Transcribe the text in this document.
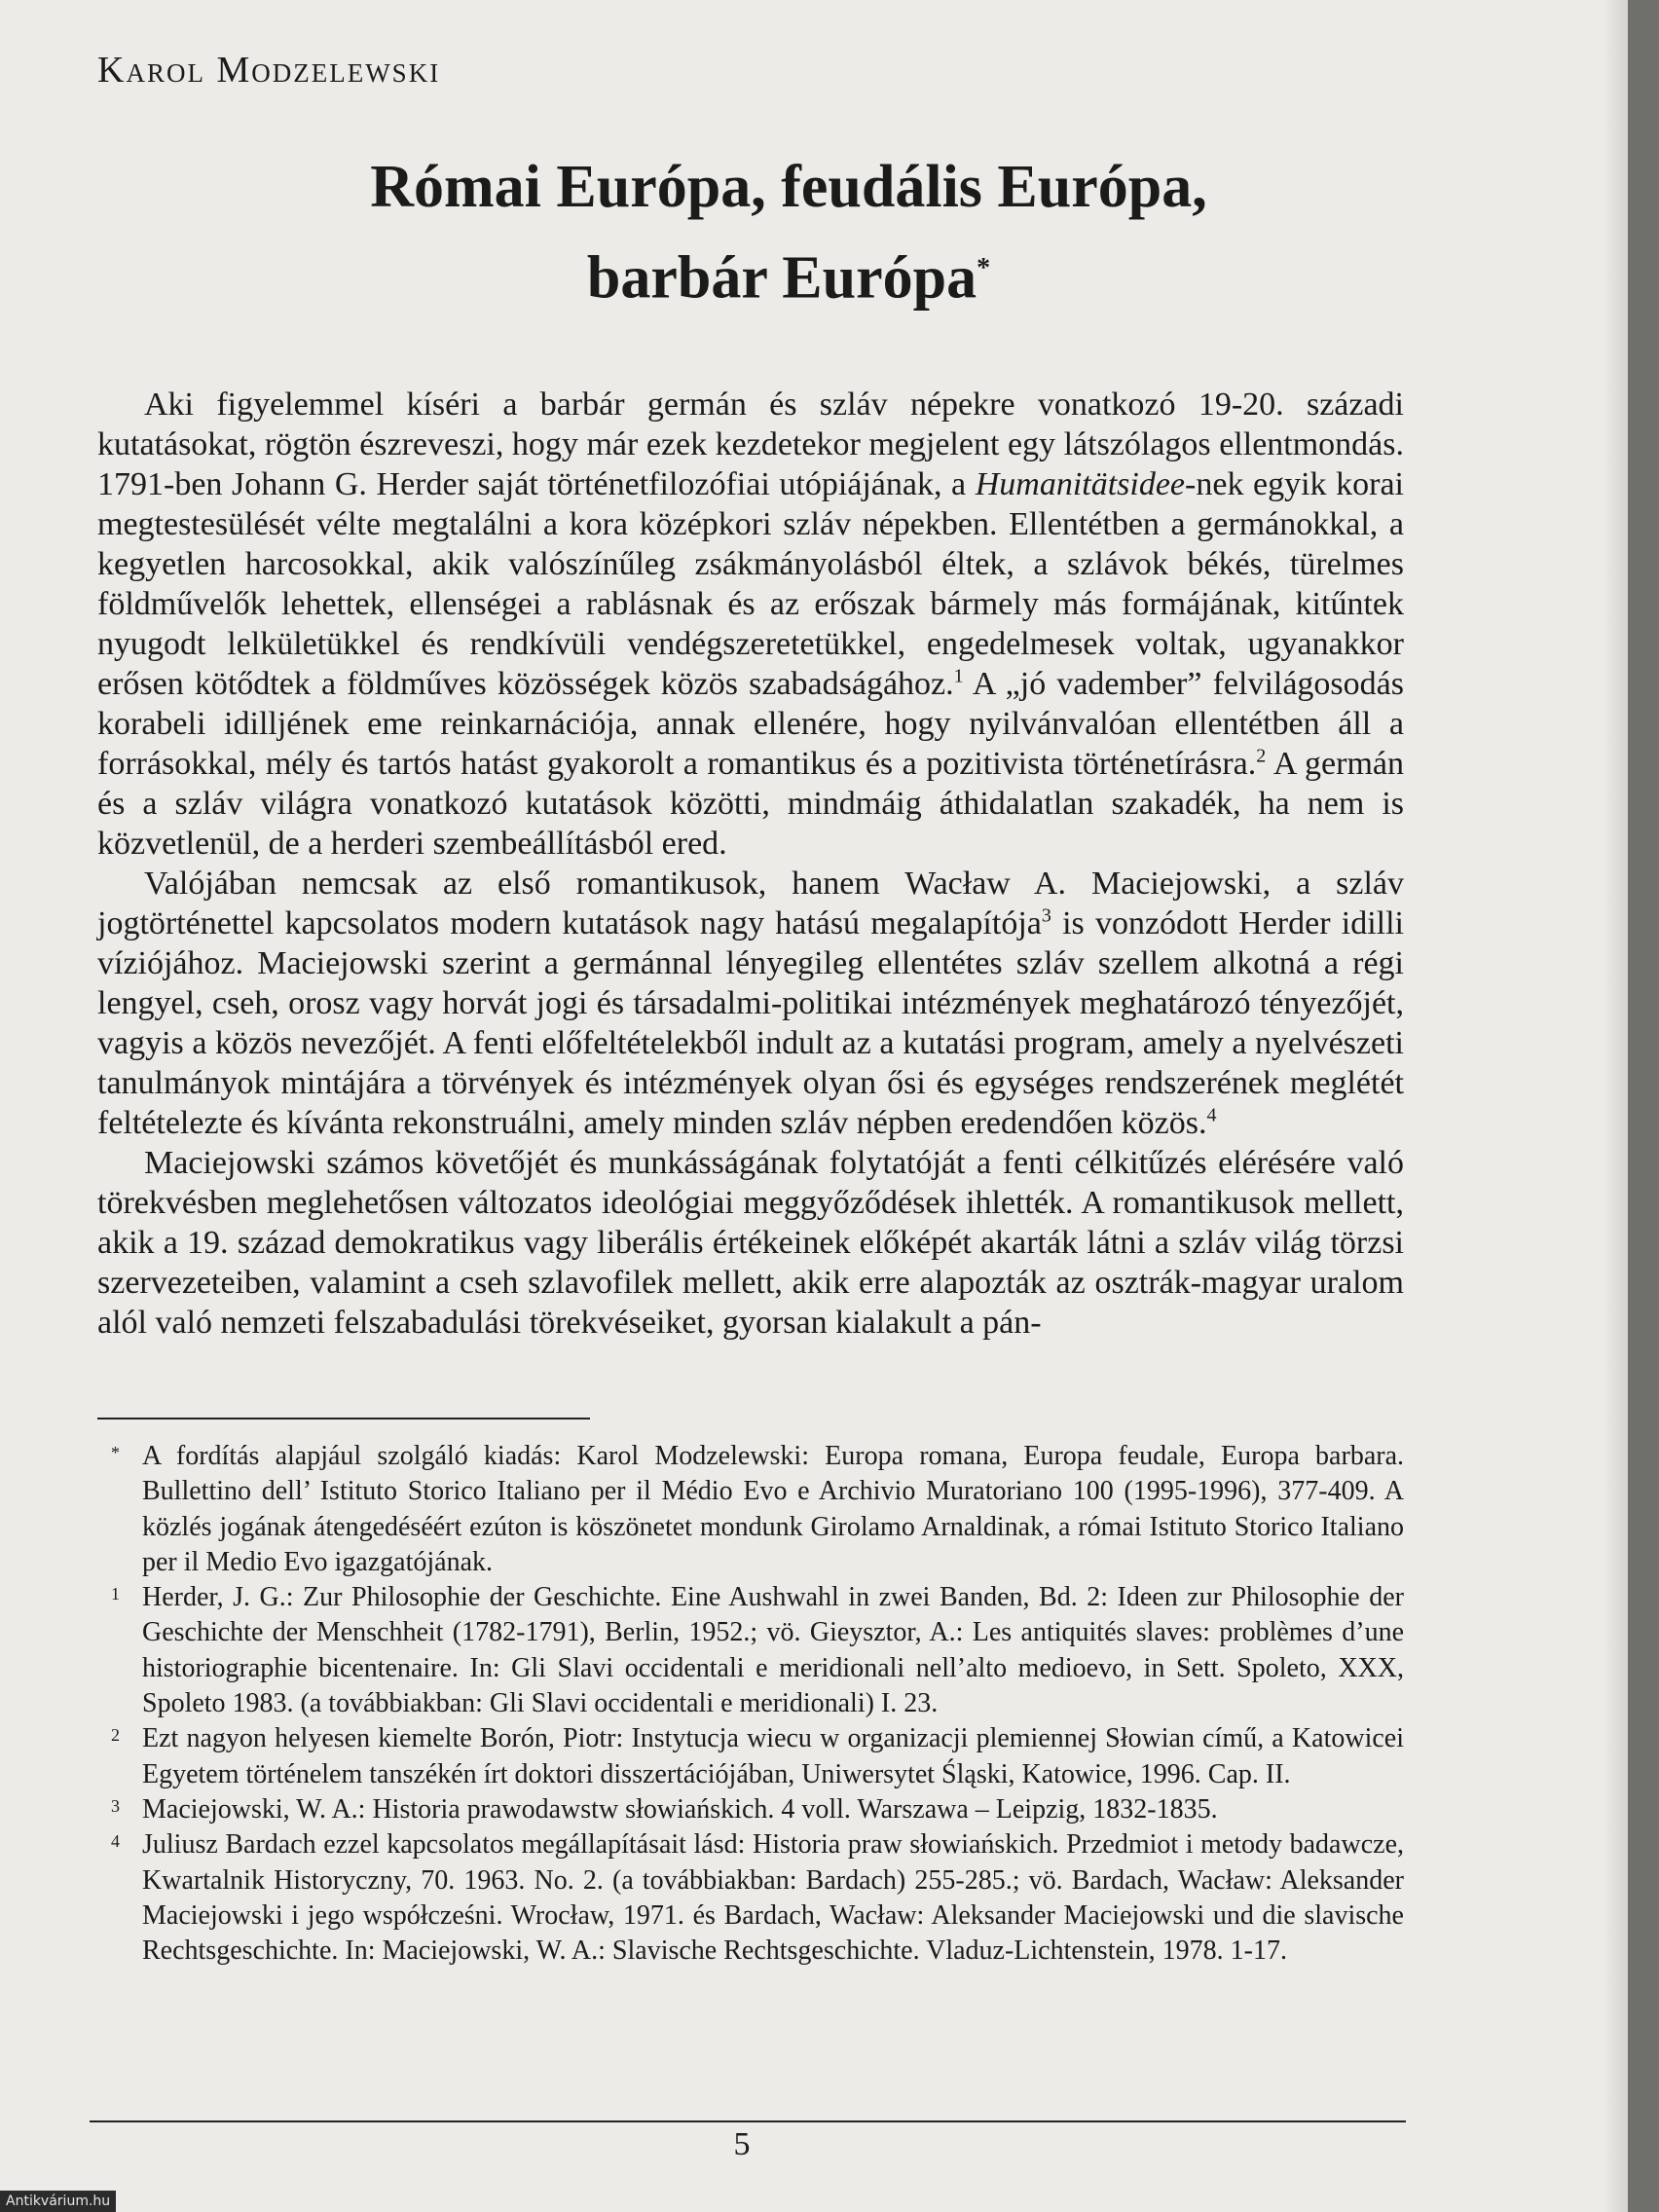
Karol Modzelewski
Római Európa, feudális Európa,
barbár Európa*

Aki figyelemmel kíséri a barbár germán és szláv népekre vonatkozó 19-20. századi kutatásokat, rögtön észreveszi, hogy már ezek kezdetekor megjelent egy látszólagos ellentmondás. 1791-ben Johann G. Herder saját történetfilozófiai utópiájának, a Humanitätsidee-nek egyik korai megtestesülését vélte megtalálni a kora középkori szláv népekben. Ellentétben a germánokkal, a kegyetlen harcosokkal, akik valószínűleg zsákmányolásból éltek, a szlávok békés, türelmes földművelők lehettek, ellenségei a rablásnak és az erőszak bármely más formájának, kitűntek nyugodt lelkületükkel és rendkívüli vendégszeretetükkel, engedelmesek voltak, ugyanakkor erősen kötődtek a földműves közösségek közös szabadságához.$^1$ A „jó vadember” felvilágosodás korabeli idilljének eme reinkarnációja, annak ellenére, hogy nyilvánvalóan ellentétben áll a forrásokkal, mély és tartós hatást gyakorolt a romantikus és a pozitivista történetírásra.$^2$ A germán és a szláv világra vonatkozó kutatások közötti, mindmáig áthidalatlan szakadék, ha nem is közvetlenül, de a herderi szembeállításból ered.

Valójában nemcsak az első romantikusok, hanem Wacław A. Maciejowski, a szláv jogtörténettel kapcsolatos modern kutatások nagy hatású megalapítója$^3$ is vonzódott Herder idilli víziójához. Maciejowski szerint a germánnal lényegileg ellentétes szláv szellem alkotná a régi lengyel, cseh, orosz vagy horvát jogi és társadalmi-politikai intézmények meghatározó tényezőjét, vagyis a közös nevezőjét. A fenti előfeltételekből indult az a kutatási program, amely a nyelvészeti tanulmányok mintájára a törvények és intézmények olyan ősi és egységes rendszerének meglétét feltételezte és kívánta rekonstruálni, amely minden szláv népben eredendően közös.$^4$

Maciejowski számos követőjét és munkásságának folytatóját a fenti célkitűzés elérésére való törekvésben meglehetősen változatos ideológiai meggyőződések ihlették. A romantikusok mellett, akik a 19. század demokratikus vagy liberális értékeinek előképét akarták látni a szláv világ törzsi szervezeteiben, valamint a cseh szlavofilek mellett, akik erre alapozták az osztrák-magyar uralom alól való nemzeti felszabadulási törekvéseiket, gyorsan kialakult a pán-

* A fordítás alapjául szolgáló kiadás: Karol Modzelewski: Europa romana, Europa feudale, Europa barbara. Bullettino dell’ Istituto Storico Italiano per il Médio Evo e Archivio Muratoriano 100 (1995-1996), 377-409. A közlés jogának átengedéséért ezúton is köszönetet mondunk Girolamo Arnaldinak, a római Istituto Storico Italiano per il Medio Evo igazgatójának.
1 Herder, J. G.: Zur Philosophie der Geschichte. Eine Aushwahl in zwei Banden, Bd. 2: Ideen zur Philosophie der Geschichte der Menschheit (1782-1791), Berlin, 1952.; vö. Gieysztor, A.: Les antiquités slaves: problèmes d’une historiographie bicentenaire. In: Gli Slavi occidentali e meridionali nell’alto medioevo, in Sett. Spoleto, XXX, Spoleto 1983. (a továbbiakban: Gli Slavi occidentali e meridionali) I. 23.
2 Ezt nagyon helyesen kiemelte Borón, Piotr: Instytucja wiecu w organizacji plemiennej Słowian című, a Katowicei Egyetem történelem tanszékén írt doktori disszertációjában, Uniwersytet Śląski, Katowice, 1996. Cap. II.
3 Maciejowski, W. A.: Historia prawodawstw słowiańskich. 4 voll. Warszawa – Leipzig, 1832-1835.
4 Juliusz Bardach ezzel kapcsolatos megállapításait lásd: Historia praw słowiańskich. Przedmiot i metody badawcze, Kwartalnik Historyczny, 70. 1963. No. 2. (a továbbiakban: Bardach) 255-285.; vö. Bardach, Wacław: Aleksander Maciejowski i jego współcześni. Wrocław, 1971. és Bardach, Wacław: Aleksander Maciejowski und die slavische Rechtsgeschichte. In: Maciejowski, W. A.: Slavische Rechtsgeschichte. Vladuz-Lichtenstein, 1978. 1-17.
5
Antikvárium.hu
